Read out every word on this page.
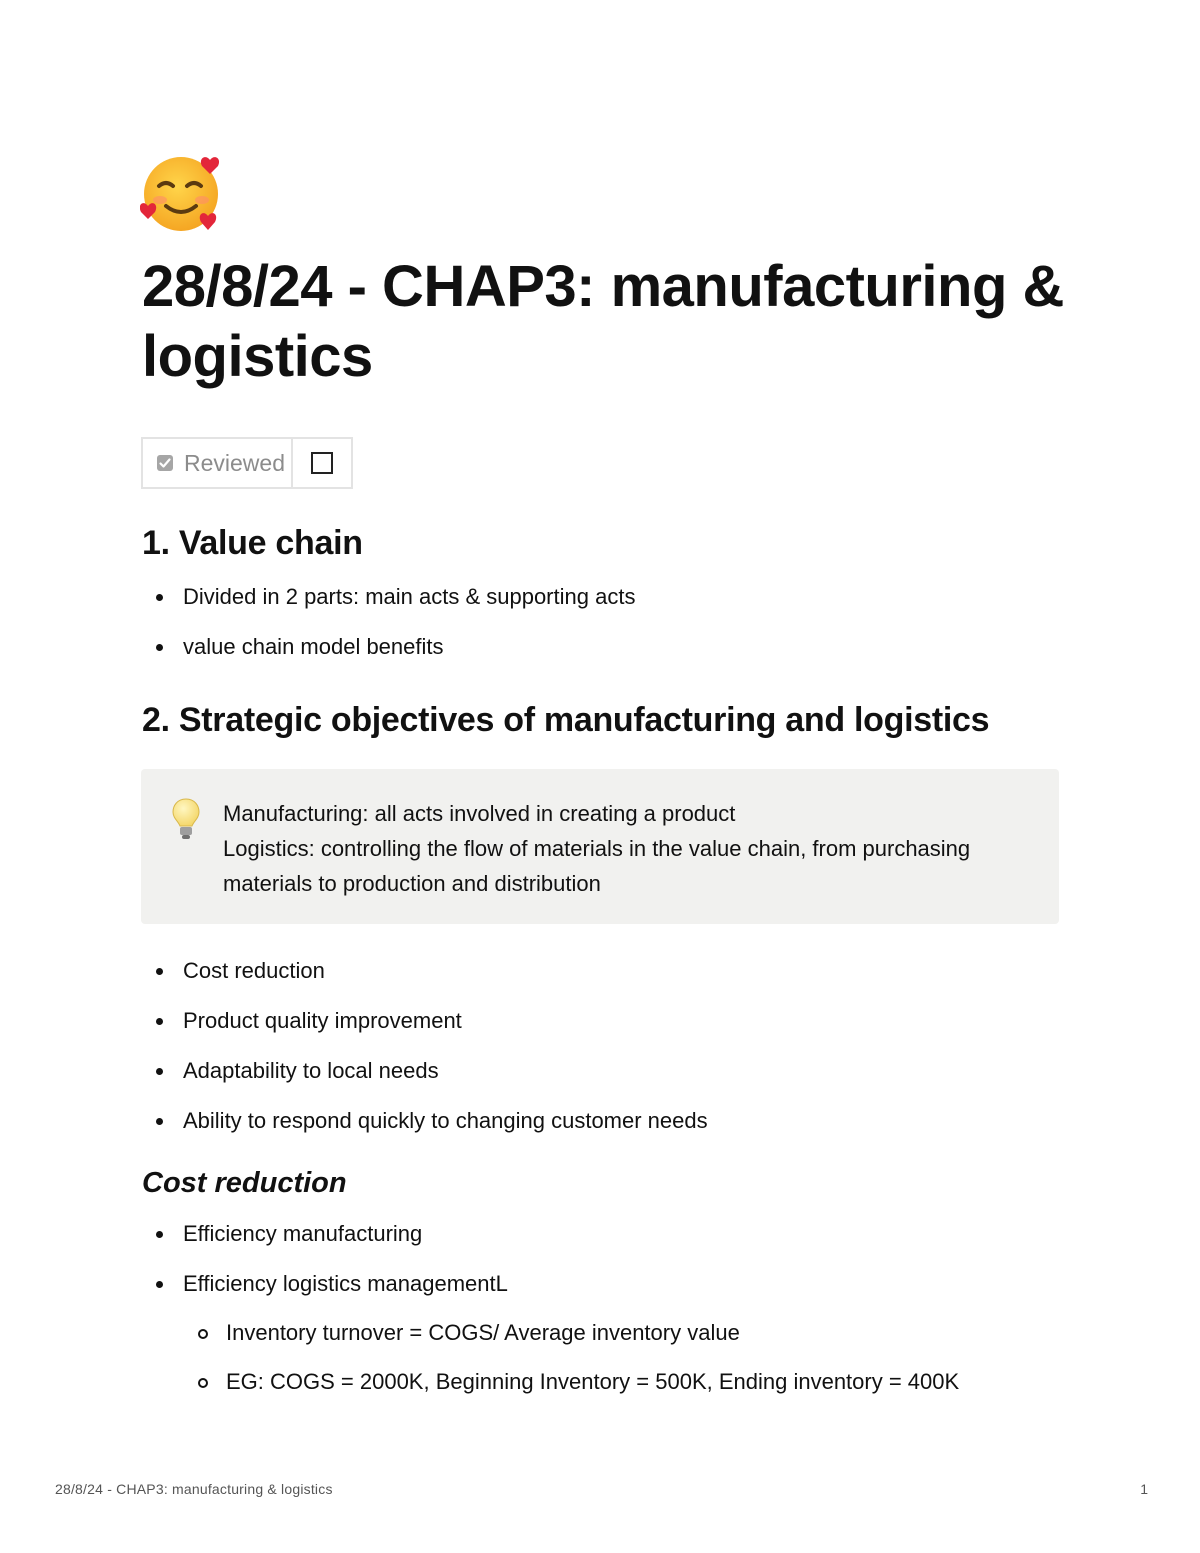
28/8/24 - CHAP3: manufacturing & logistics
Reviewed
1. Value chain
Divided in 2 parts: main acts & supporting acts
value chain model benefits
2. Strategic objectives of manufacturing and logistics

Manufacturing: all acts involved in creating a product

Logistics: controlling the flow of materials in the value chain, from purchasing materials to production and distribution

Cost reduction
Product quality improvement
Adaptability to local needs
Ability to respond quickly to changing customer needs
Cost reduction
Efficiency manufacturing
Efficiency logistics managementL
Inventory turnover = COGS/ Average inventory value
EG: COGS = 2000K, Beginning Inventory = 500K, Ending inventory = 400K
28/8/24 - CHAP3: manufacturing & logistics	1
